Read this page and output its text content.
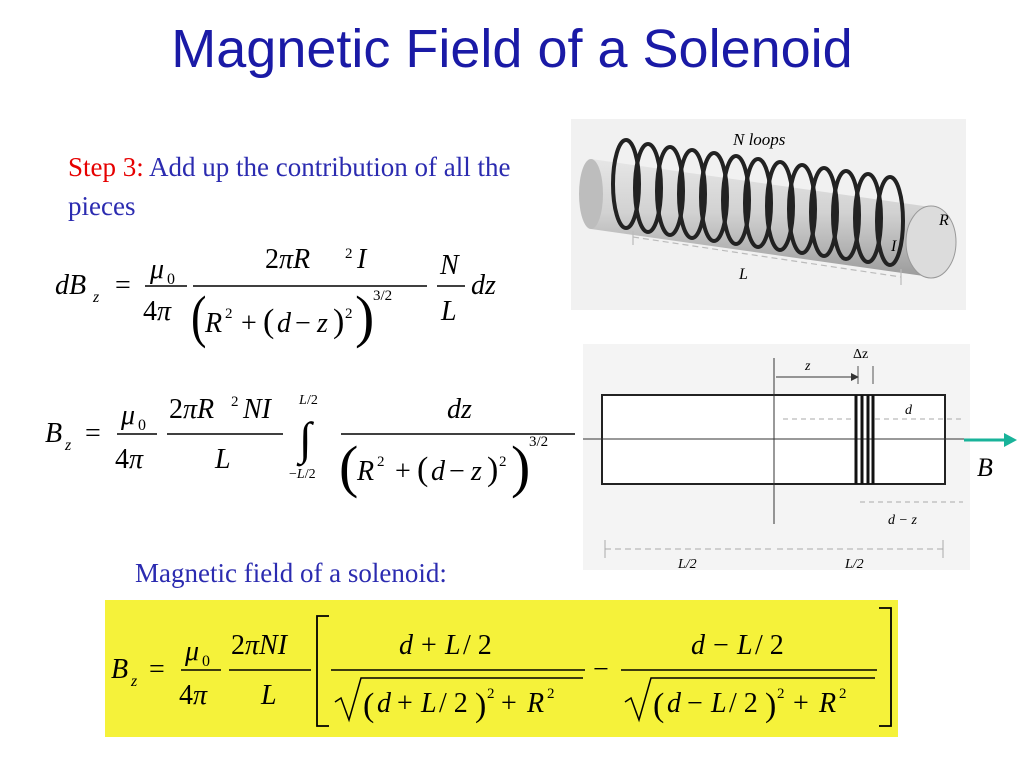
Magnetic Field of a Solenoid
Step 3: Add up the contribution of all the pieces
dB z =
μ 0
4π
2πR 2 I
(
R 2 + ( d − z ) 2 )
3/2
N
L
dz
B z =
μ 0
4π
2πR 2 NI
L
L /2
∫
−L/2
dz
(
R 2 + ( d − z ) 2 )
3/2
N loops
R
I
L
z
Δz
d
d − z
L/2	L/2
B
Magnetic field of a solenoid:
B z =
μ 0
4π
2πNI
L
d + L / 2
( d + L / 2 ) 2 + R 2
−
d − L / 2
( d − L / 2 ) 2 + R 2
